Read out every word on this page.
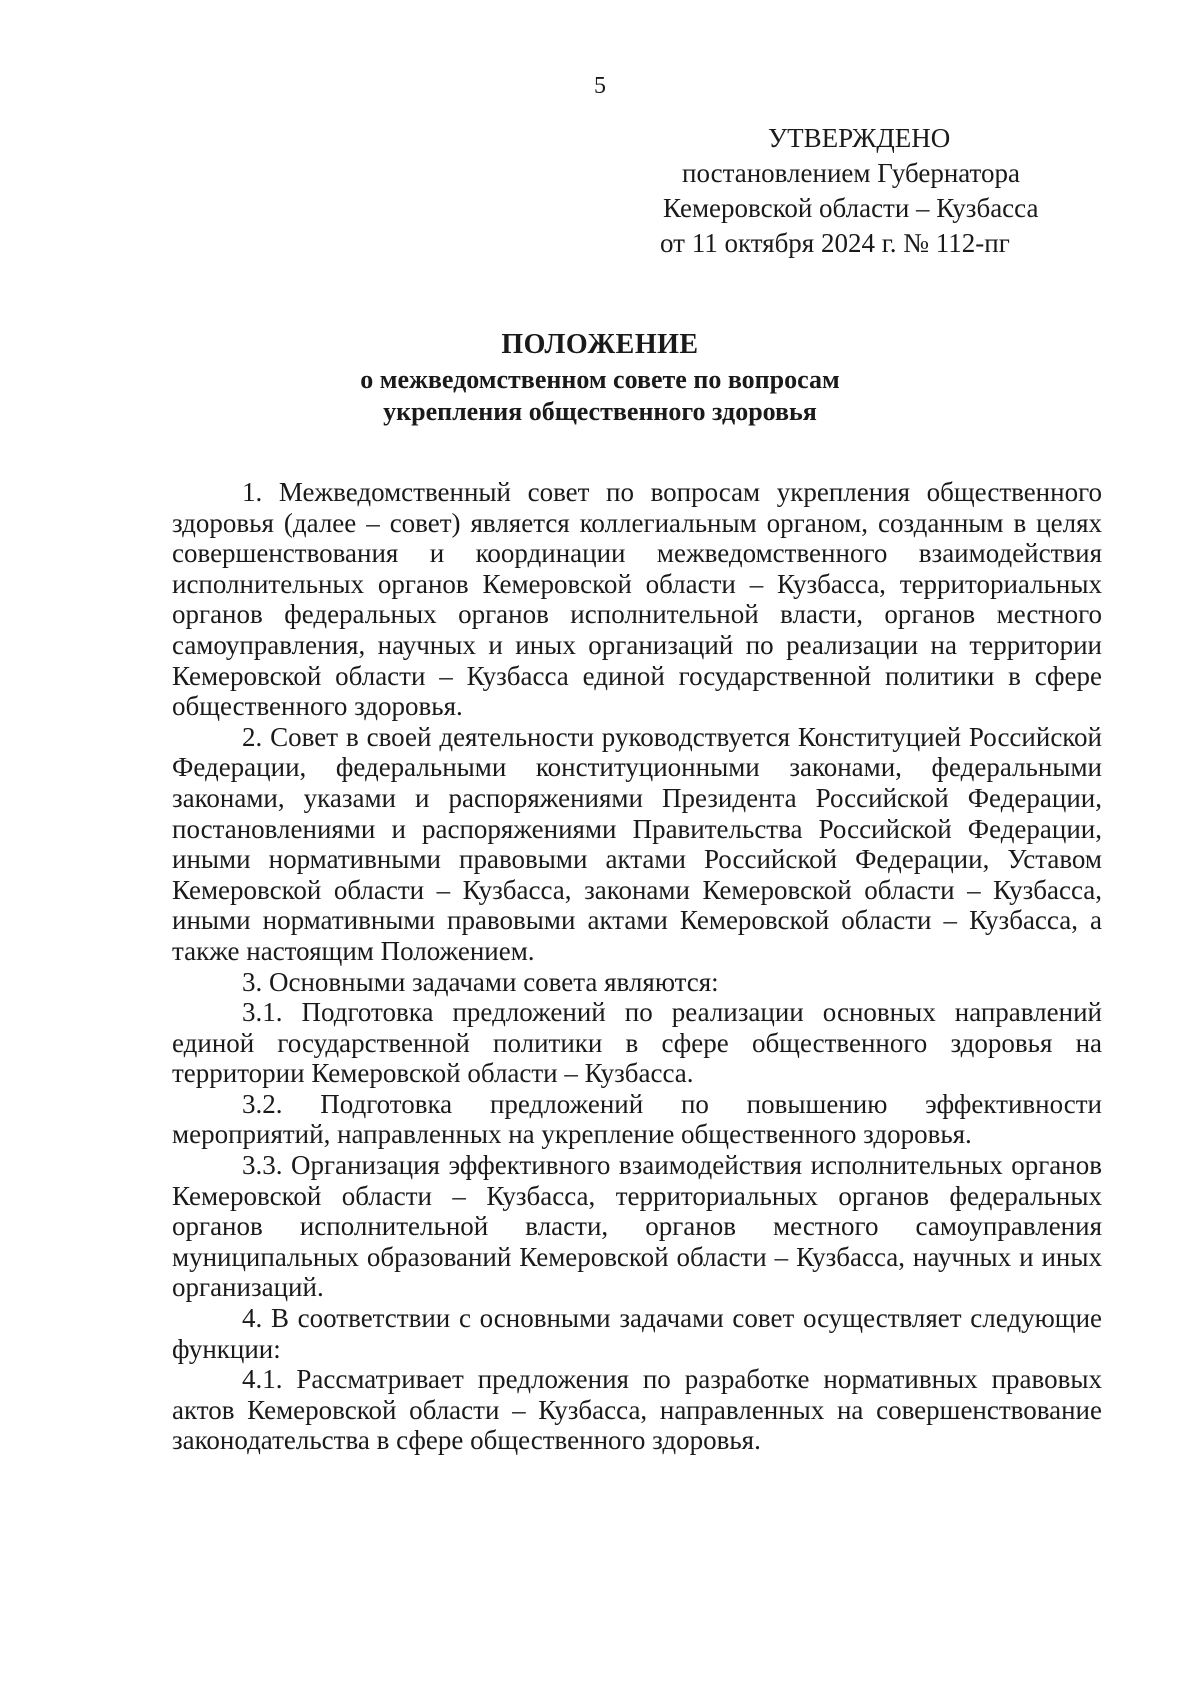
5
УТВЕРЖДЕНО
постановлением Губернатора
Кемеровской области – Кузбасса
от 11 октября 2024 г. № 112-пг
ПОЛОЖЕНИЕ
о межведомственном совете по вопросам
укрепления общественного здоровья

1. Межведомственный совет по вопросам укрепления общественного здоровья (далее – совет) является коллегиальным органом, созданным в целях совершенствования и координации межведомственного взаимодействия исполнительных органов Кемеровской области – Кузбасса, территориальных органов федеральных органов исполнительной власти, органов местного самоуправления, научных и иных организаций по реализации на территории Кемеровской области – Кузбасса единой государственной политики в сфере общественного здоровья.

2. Совет в своей деятельности руководствуется Конституцией Российской Федерации, федеральными конституционными законами, федеральными законами, указами и распоряжениями Президента Российской Федерации, постановлениями и распоряжениями Правительства Российской Федерации, иными нормативными правовыми актами Российской Федерации, Уставом Кемеровской области – Кузбасса, законами Кемеровской области – Кузбасса, иными нормативными правовыми актами Кемеровской области – Кузбасса, а также настоящим Положением.

3. Основными задачами совета являются:

3.1. Подготовка предложений по реализации основных направлений единой государственной политики в сфере общественного здоровья на территории Кемеровской области – Кузбасса.

3.2. Подготовка предложений по повышению эффективности мероприятий, направленных на укрепление общественного здоровья.

3.3. Организация эффективного взаимодействия исполнительных органов Кемеровской области – Кузбасса, территориальных органов федеральных органов исполнительной власти, органов местного самоуправления муниципальных образований Кемеровской области – Кузбасса, научных и иных организаций.

4. В соответствии с основными задачами совет осуществляет следующие функции:

4.1. Рассматривает предложения по разработке нормативных правовых актов Кемеровской области – Кузбасса, направленных на совершенствование законодательства в сфере общественного здоровья.
